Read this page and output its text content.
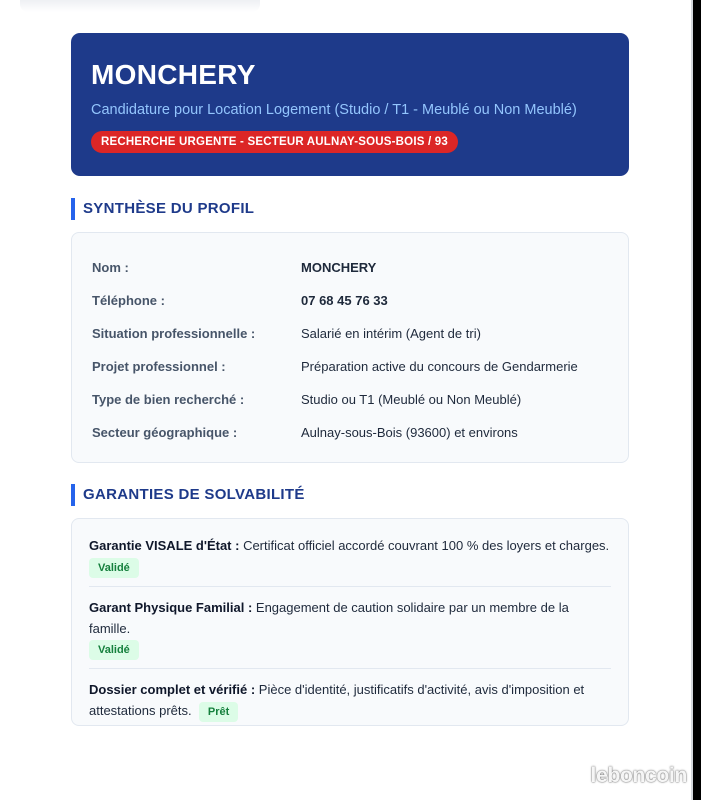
MONCHERY
Candidature pour Location Logement (Studio / T1 - Meublé ou Non Meublé)
RECHERCHE URGENTE - SECTEUR AULNAY-SOUS-BOIS / 93
SYNTHÈSE DU PROFIL
Nom :	MONCHERY
Téléphone :	07 68 45 76 33
Situation professionnelle :	Salarié en intérim (Agent de tri)
Projet professionnel :	Préparation active du concours de Gendarmerie
Type de bien recherché :	Studio ou T1 (Meublé ou Non Meublé)
Secteur géographique :	Aulnay-sous-Bois (93600) et environs
GARANTIES DE SOLVABILITÉ
Garantie VISALE d'État : Certificat officiel accordé couvrant 100 % des loyers et charges.
Validé
Garant Physique Familial : Engagement de caution solidaire par un membre de la famille.
Validé
Dossier complet et vérifié : Pièce d'identité, justificatifs d'activité, avis d'imposition et attestations prêts. Prêt
leboncoin
